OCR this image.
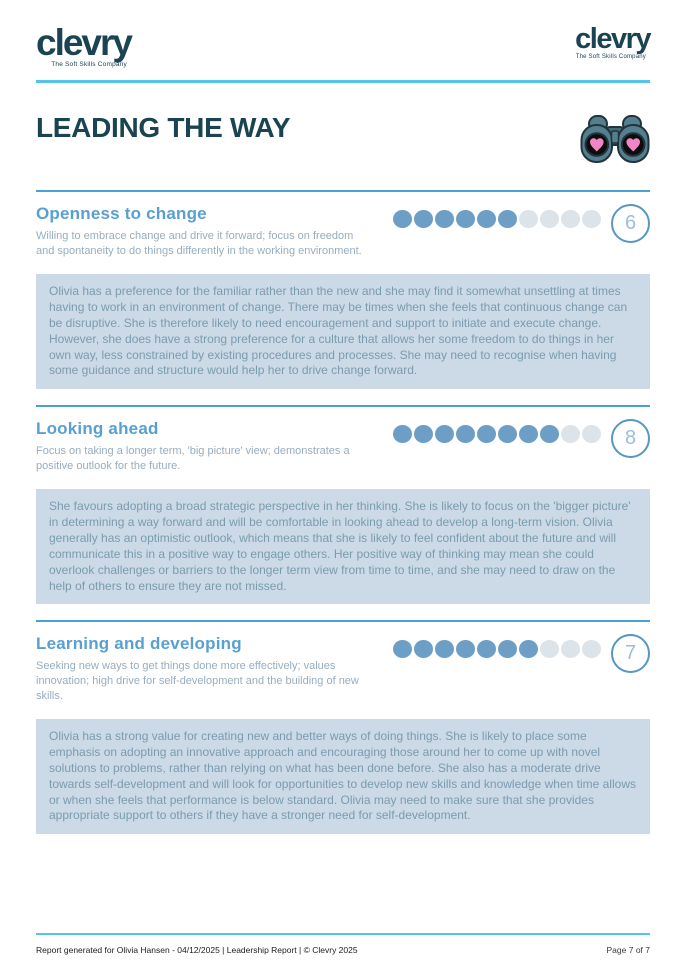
clevry
The Soft Skills Company
clevry
The Soft Skills Company
LEADING THE WAY
Openness to change

Willing to embrace change and drive it forward; focus on freedom and spontaneity to do things differently in the working environment.

6
Olivia has a preference for the familiar rather than the new and she may find it somewhat unsettling at times having to work in an environment of change. There may be times when she feels that continuous change can be disruptive. She is therefore likely to need encouragement and support to initiate and execute change. However, she does have a strong preference for a culture that allows her some freedom to do things in her own way, less constrained by existing procedures and processes. She may need to recognise when having some guidance and structure would help her to drive change forward.
Looking ahead

Focus on taking a longer term, 'big picture' view; demonstrates a positive outlook for the future.

8
She favours adopting a broad strategic perspective in her thinking. She is likely to focus on the 'bigger picture' in determining a way forward and will be comfortable in looking ahead to develop a long-term vision. Olivia generally has an optimistic outlook, which means that she is likely to feel confident about the future and will communicate this in a positive way to engage others. Her positive way of thinking may mean she could overlook challenges or barriers to the longer term view from time to time, and she may need to draw on the help of others to ensure they are not missed.
Learning and developing

Seeking new ways to get things done more effectively; values innovation; high drive for self-development and the building of new skills.

7
Olivia has a strong value for creating new and better ways of doing things. She is likely to place some emphasis on adopting an innovative approach and encouraging those around her to come up with novel solutions to problems, rather than relying on what has been done before. She also has a moderate drive towards self-development and will look for opportunities to develop new skills and knowledge when time allows or when she feels that performance is below standard. Olivia may need to make sure that she provides appropriate support to others if they have a stronger need for self-development.
Report generated for Olivia Hansen - 04/12/2025 | Leadership Report | © Clevry 2025	Page 7 of 7
